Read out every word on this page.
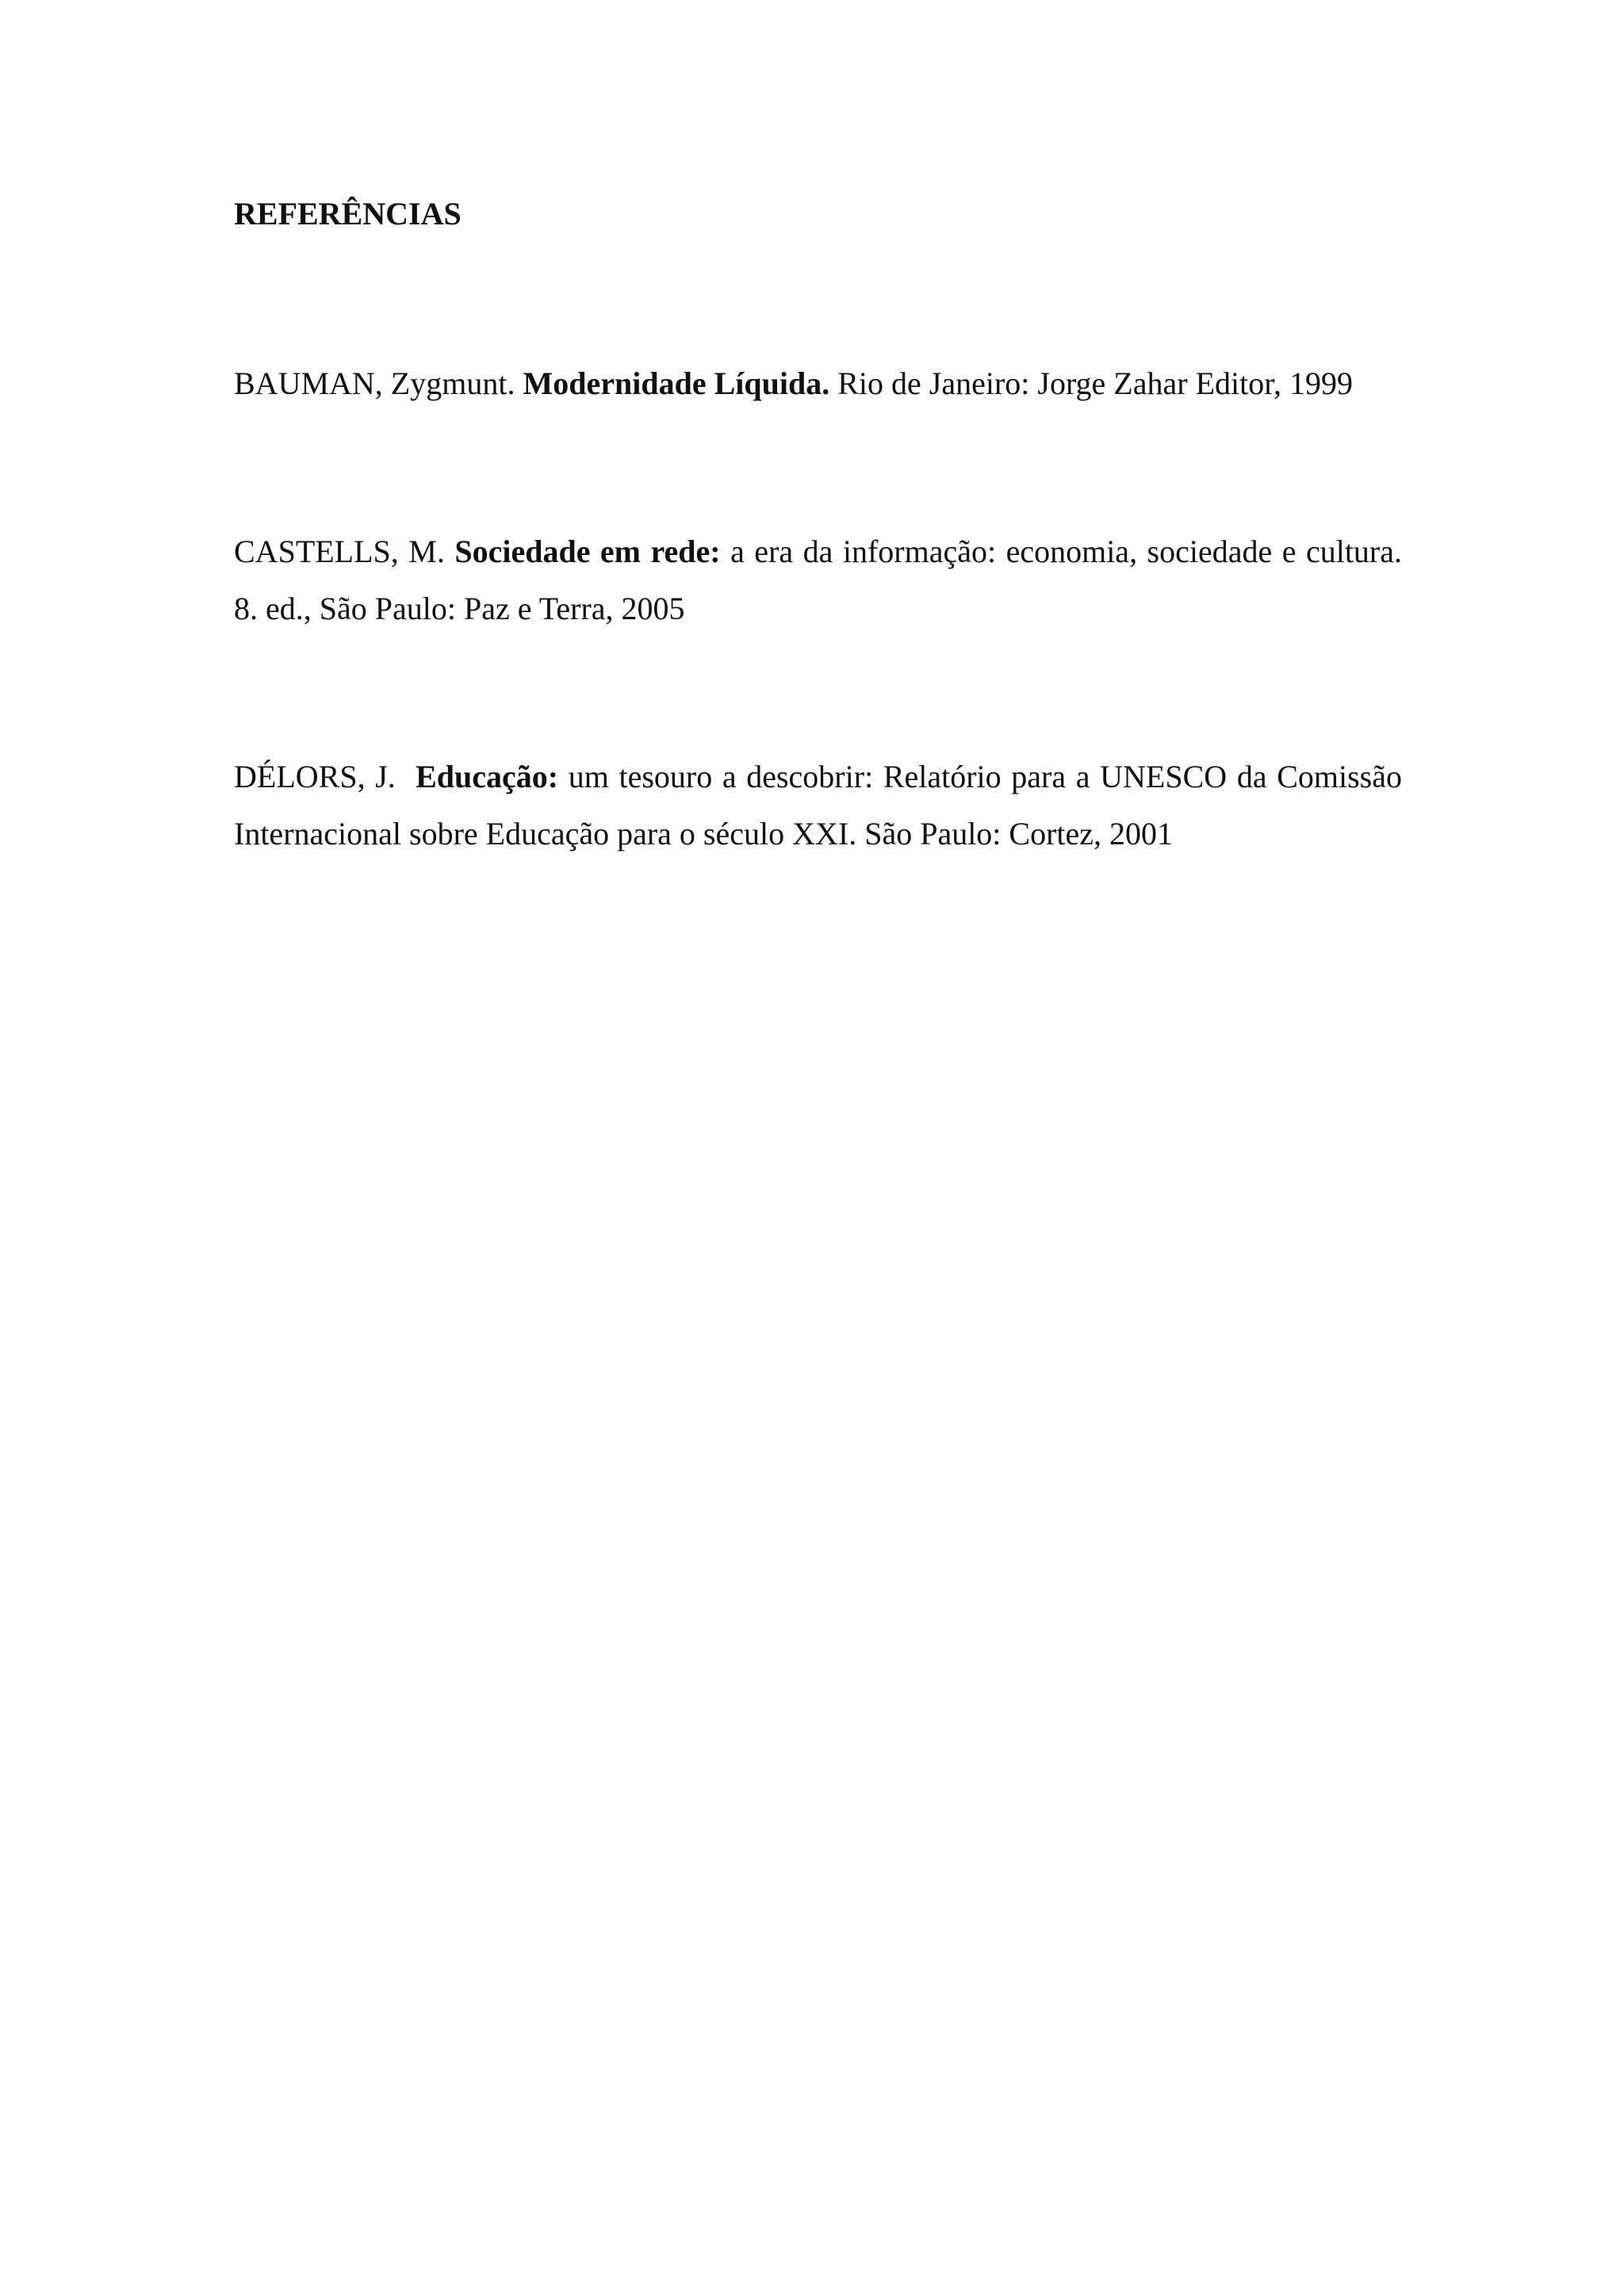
REFERÊNCIAS

BAUMAN, Zygmunt. Modernidade Líquida. Rio de Janeiro: Jorge Zahar Editor, 1999

CASTELLS, M. Sociedade em rede: a era da informação: economia, sociedade e cultura. 8. ed., São Paulo: Paz e Terra, 2005

DÉLORS, J.  Educação: um tesouro a descobrir: Relatório para a UNESCO da Comissão Internacional sobre Educação para o século XXI. São Paulo: Cortez, 2001
